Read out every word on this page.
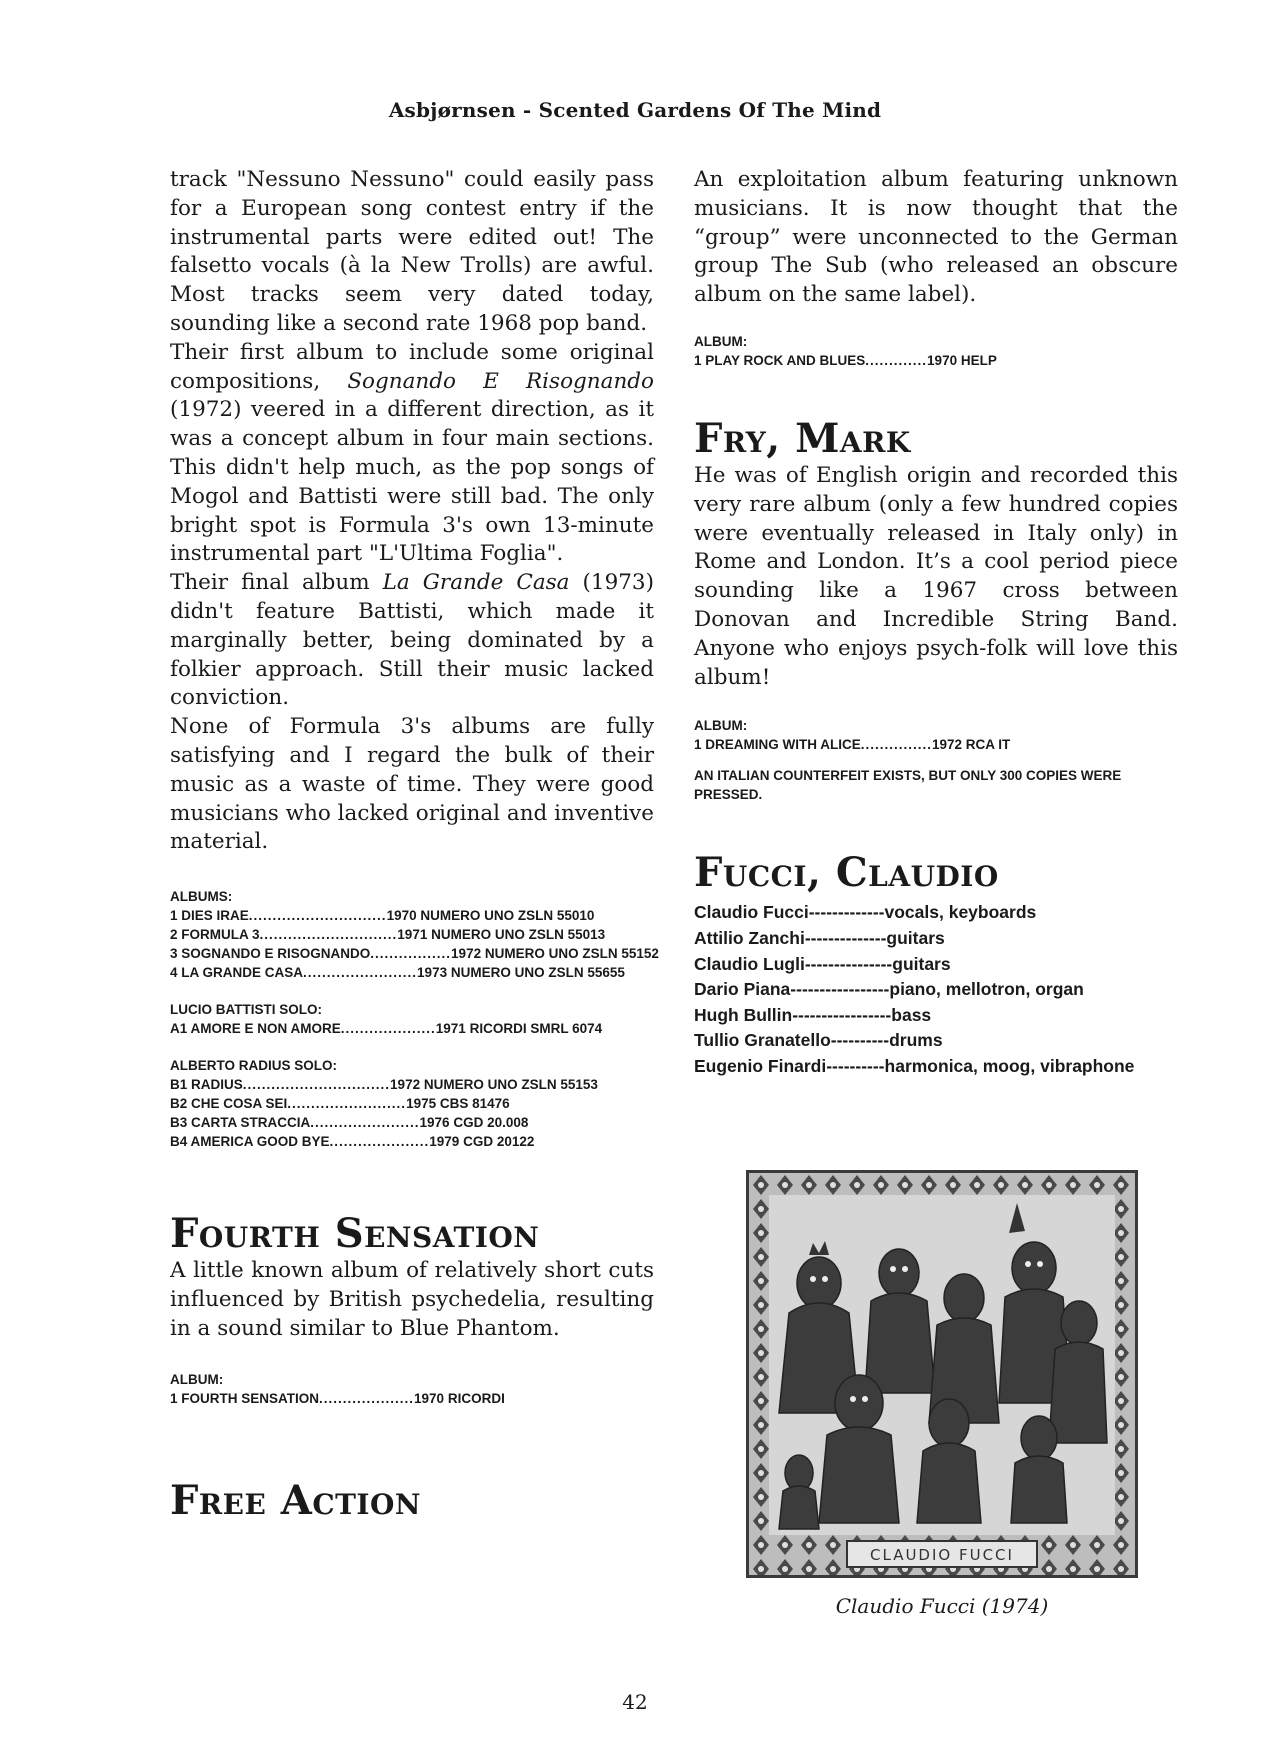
Asbjørnsen - Scented Gardens Of The Mind

track "Nessuno Nessuno" could easily pass for a European song contest entry if the instrumental parts were edited out! The falsetto vocals (à la New Trolls) are awful. Most tracks seem very dated today, sounding like a second rate 1968 pop band.

Their first album to include some original compositions, Sognando E Risognando (1972) veered in a different direction, as it was a concept album in four main sections. This didn't help much, as the pop songs of Mogol and Battisti were still bad. The only bright spot is Formula 3's own 13-minute instrumental part "L'Ultima Foglia".

Their final album La Grande Casa (1973) didn't feature Battisti, which made it marginally better, being dominated by a folkier approach. Still their music lacked conviction.

None of Formula 3's albums are fully satisfying and I regard the bulk of their music as a waste of time. They were good musicians who lacked original and inventive material.

ALBUMS:

1 DIES IRAE ............................. 1970 NUMERO UNO ZSLN 55010
2 FORMULA 3 ............................. 1971 NUMERO UNO ZSLN 55013
3 SOGNANDO E RISOGNANDO ................. 1972 NUMERO UNO ZSLN 55152
4 LA GRANDE CASA ........................ 1973 NUMERO UNO ZSLN 55655

LUCIO BATTISTI SOLO:

A1 AMORE E NON AMORE .................... 1971 RICORDI SMRL 6074

ALBERTO RADIUS SOLO:

B1 RADIUS ............................... 1972 NUMERO UNO ZSLN 55153
B2 CHE COSA SEI ......................... 1975 CBS 81476
B3 CARTA STRACCIA ....................... 1976 CGD 20.008
B4 AMERICA GOOD BYE ..................... 1979 CGD 20122
Fourth Sensation

A little known album of relatively short cuts influenced by British psychedelia, resulting in a sound similar to Blue Phantom.

ALBUM:

1 FOURTH SENSATION .................... 1970 RICORDI
Free Action

An exploitation album featuring unknown musicians. It is now thought that the “group” were unconnected to the German group The Sub (who released an obscure album on the same label).

ALBUM:

1 PLAY ROCK AND BLUES ............. 1970 HELP
Fry, Mark

He was of English origin and recorded this very rare album (only a few hundred copies were eventually released in Italy only) in Rome and London. It’s a cool period piece sounding like a 1967 cross between Donovan and Incredible String Band. Anyone who enjoys psych-folk will love this album!

ALBUM:

1 DREAMING WITH ALICE ............... 1972 RCA IT

AN ITALIAN COUNTERFEIT EXISTS, BUT ONLY 300 COPIES WERE PRESSED.

Fucci, Claudio
Claudio Fucci ------------- vocals, keyboards
Attilio Zanchi -------------- guitars
Claudio Lugli --------------- guitars
Dario Piana ----------------- piano, mellotron, organ
Hugh Bullin ----------------- bass
Tullio Granatello ---------- drums
Eugenio Finardi ---------- harmonica, moog, vibraphone
CLAUDIO FUCCI
Claudio Fucci (1974)
42
